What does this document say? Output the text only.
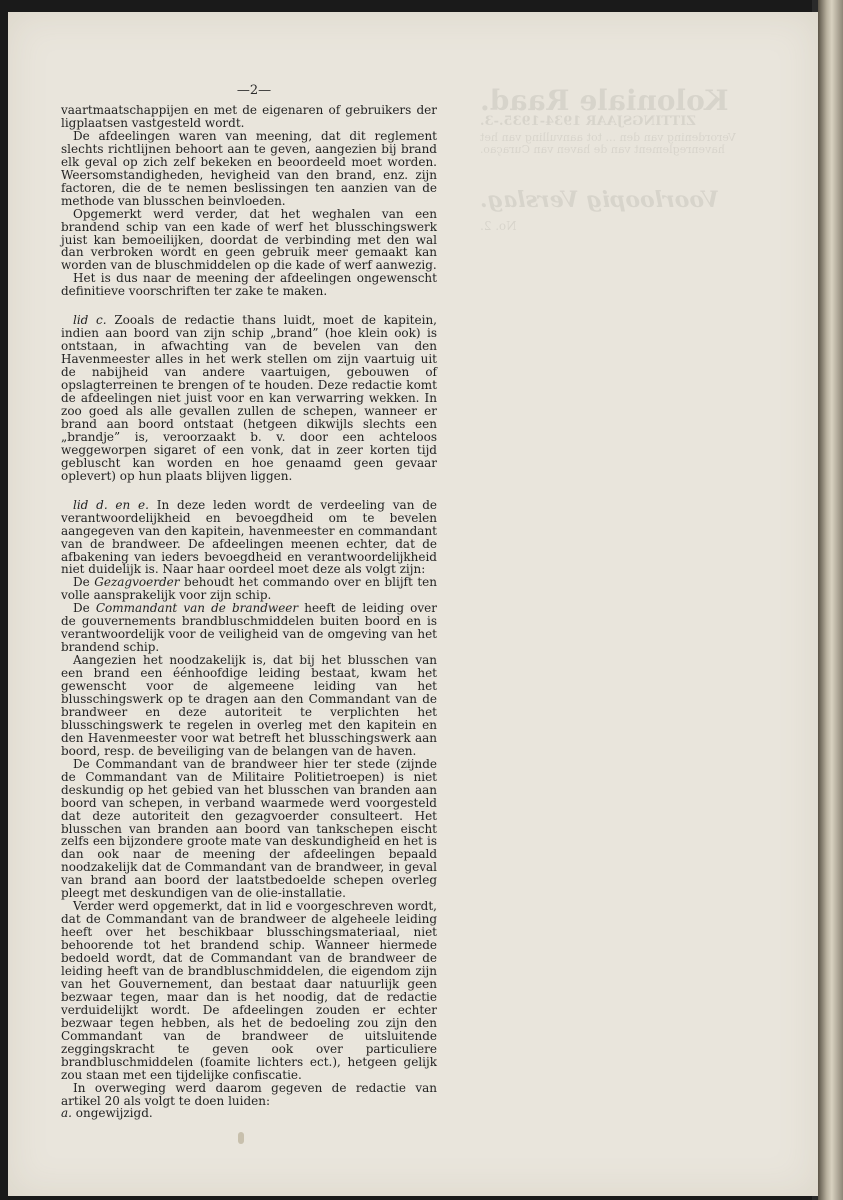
Koloniale Raad.
ZITTINGSJAAR 1934-1935.-3.
Verordening van den ... tot aanvulling van het havenreglement van de haven van Curaçao.
Voorloopig Verslag.
No. 2.
—2—

vaartmaatschappijen en met de eigenaren of gebruikers der ligplaatsen vastgesteld wordt.

De afdeelingen waren van meening, dat dit reglement slechts richtlijnen behoort aan te geven, aangezien bij brand elk geval op zich zelf bekeken en beoordeeld moet worden. Weersomstandigheden, hevigheid van den brand, enz. zijn factoren, die de te nemen beslissingen ten aanzien van de methode van blusschen beinvloeden.

Opgemerkt werd verder, dat het weghalen van een brandend schip van een kade of werf het blusschingswerk juist kan bemoeilijken, doordat de verbinding met den wal dan verbroken wordt en geen gebruik meer gemaakt kan worden van de bluschmiddelen op die kade of werf aanwezig.

Het is dus naar de meening der afdeelingen ongewenscht definitieve voorschriften ter zake te maken.

lid c. Zooals de redactie thans luidt, moet de kapitein, indien aan boord van zijn schip „brand” (hoe klein ook) is ontstaan, in afwachting van de bevelen van den Havenmeester alles in het werk stellen om zijn vaartuig uit de nabijheid van andere vaartuigen, gebouwen of opslagterreinen te brengen of te houden. Deze redactie komt de afdeelingen niet juist voor en kan verwarring wekken. In zoo goed als alle gevallen zullen de schepen, wanneer er brand aan boord ontstaat (hetgeen dikwijls slechts een „brandje” is, veroorzaakt b. v. door een achteloos weggeworpen sigaret of een vonk, dat in zeer korten tijd gebluscht kan worden en hoe genaamd geen gevaar oplevert) op hun plaats blijven liggen.

lid d. en e. In deze leden wordt de verdeeling van de verantwoordelijkheid en bevoegdheid om te bevelen aangegeven van den kapitein, havenmeester en commandant van de brandweer. De afdeelingen meenen echter, dat de afbakening van ieders bevoegdheid en verantwoordelijkheid niet duidelijk is. Naar haar oordeel moet deze als volgt zijn:

De Gezagvoerder behoudt het commando over en blijft ten volle aansprakelijk voor zijn schip.

De Commandant van de brandweer heeft de leiding over de gouvernements brandbluschmiddelen buiten boord en is verantwoordelijk voor de veiligheid van de omgeving van het brandend schip.

Aangezien het noodzakelijk is, dat bij het blusschen van een brand een éénhoofdige leiding bestaat, kwam het gewenscht voor de algemeene leiding van het blusschingswerk op te dragen aan den Commandant van de brandweer en deze autoriteit te verplichten het blusschingswerk te regelen in overleg met den kapitein en den Havenmeester voor wat betreft het blusschingswerk aan boord, resp. de beveiliging van de belangen van de haven.

De Commandant van de brandweer hier ter stede (zijnde de Commandant van de Militaire Politietroepen) is niet deskundig op het gebied van het blusschen van branden aan boord van schepen, in verband waarmede werd voorgesteld dat deze autoriteit den gezagvoerder consulteert. Het blusschen van branden aan boord van tankschepen eischt zelfs een bijzondere groote mate van deskundigheid en het is dan ook naar de meening der afdeelingen bepaald noodzakelijk dat de Commandant van de brandweer, in geval van brand aan boord der laatstbedoelde schepen overleg pleegt met deskundigen van de olie-installatie.

Verder werd opgemerkt, dat in lid e voorgeschreven wordt, dat de Commandant van de brandweer de algeheele leiding heeft over het beschikbaar blusschingsmateriaal, niet behoorende tot het brandend schip. Wanneer hiermede bedoeld wordt, dat de Commandant van de brandweer de leiding heeft van de brandbluschmiddelen, die eigendom zijn van het Gouvernement, dan bestaat daar natuurlijk geen bezwaar tegen, maar dan is het noodig, dat de redactie verduidelijkt wordt. De afdeelingen zouden er echter bezwaar tegen hebben, als het de bedoeling zou zijn den Commandant van de brandweer de uitsluitende zeggingskracht te geven ook over particuliere brandbluschmiddelen (foamite lichters ect.), hetgeen gelijk zou staan met een tijdelijke confiscatie.

In overweging werd daarom gegeven de redactie van artikel 20 als volgt te doen luiden:

a. ongewijzigd.
